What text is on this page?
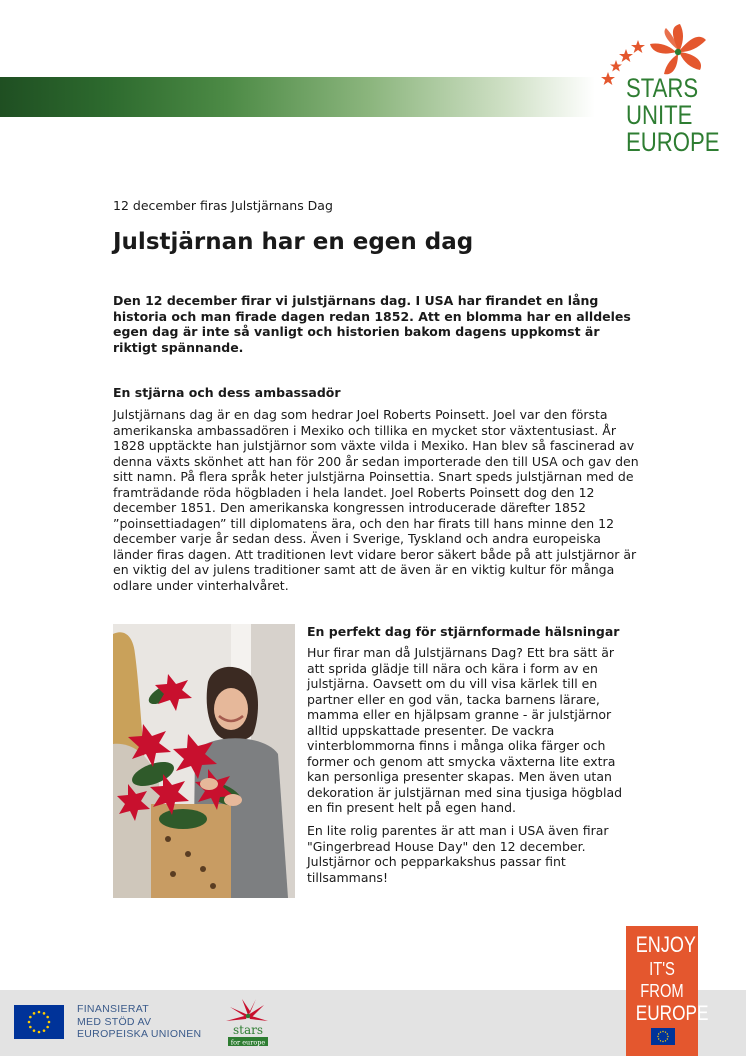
STARS
UNITE
EUROPE
12 december firas Julstjärnans Dag
Julstjärnan har en egen dag

Den 12 december firar vi julstjärnans dag. I USA har firandet en lång historia och man firade dagen redan 1852. Att en blomma har en alldeles egen dag är inte så vanligt och historien bakom dagens uppkomst är riktigt spännande.

En stjärna och dess ambassadör

Julstjärnans dag är en dag som hedrar Joel Roberts Poinsett. Joel var den första amerikanska ambassadören i Mexiko och tillika en mycket stor växtentusiast. År 1828 upptäckte han julstjärnor som växte vilda i Mexiko. Han blev så fascinerad av denna växts skönhet att han för 200 år sedan importerade den till USA och gav den sitt namn. På flera språk heter julstjärna Poinsettia. Snart speds julstjärnan med de framträdande röda högbladen i hela landet. Joel Roberts Poinsett dog den 12 december 1851. Den amerikanska kongressen introducerade därefter 1852 ”poinsettiadagen” till diplomatens ära, och den har firats till hans minne den 12 december varje år sedan dess. Även i Sverige, Tyskland och andra europeiska länder firas dagen. Att traditionen levt vidare beror säkert både på att julstjärnor är en viktig del av julens traditioner samt att de även är en viktig kultur för många odlare under vinterhalvåret.

En perfekt dag för stjärnformade hälsningar

Hur firar man då Julstjärnans Dag? Ett bra sätt är att sprida glädje till nära och kära i form av en julstjärna. Oavsett om du vill visa kärlek till en partner eller en god vän, tacka barnens lärare, mamma eller en hjälpsam granne - är julstjärnor alltid uppskattade presenter. De vackra vinterblommorna finns i många olika färger och former och genom att smycka växterna lite extra kan personliga presenter skapas. Men även utan dekoration är julstjärnan med sina tjusiga högblad en fin present helt på egen hand.

En lite rolig parentes är att man i USA även firar "Gingerbread House Day" den 12 december. Julstjärnor och pepparkakshus passar fint tillsammans!

FINANSIERAT
MED STÖD AV
EUROPEISKA UNIONEN	stars
for europe
ENJOY
IT'S FROM
EUROPE
